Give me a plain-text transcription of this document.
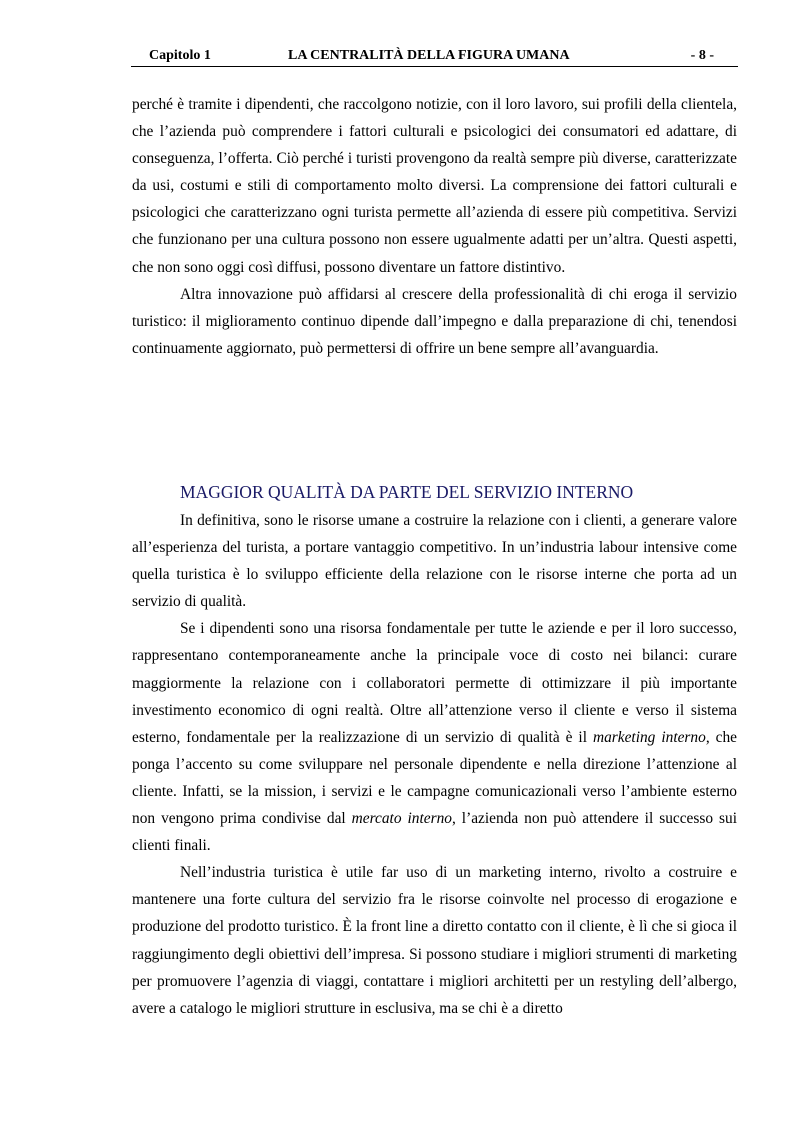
Capitolo 1	LA CENTRALITÀ DELLA FIGURA UMANA	- 8 -

perché è tramite i dipendenti, che raccolgono notizie, con il loro lavoro, sui profili della clientela, che l’azienda può comprendere i fattori culturali e psicologici dei consumatori ed adattare, di conseguenza, l’offerta. Ciò perché i turisti provengono da realtà sempre più diverse, caratterizzate da usi, costumi e stili di comportamento molto diversi. La comprensione dei fattori culturali e psicologici che caratterizzano ogni turista permette all’azienda di essere più competitiva. Servizi che funzionano per una cultura possono non essere ugualmente adatti per un’altra. Questi aspetti, che non sono oggi così diffusi, possono diventare un fattore distintivo.

Altra innovazione può affidarsi al crescere della professionalità di chi eroga il servizio turistico: il miglioramento continuo dipende dall’impegno e dalla preparazione di chi, tenendosi continuamente aggiornato, può permettersi di offrire un bene sempre all’avanguardia.

MAGGIOR QUALITÀ DA PARTE DEL SERVIZIO INTERNO

In definitiva, sono le risorse umane a costruire la relazione con i clienti, a generare valore all’esperienza del turista, a portare vantaggio competitivo. In un’industria labour intensive come quella turistica è lo sviluppo efficiente della relazione con le risorse interne che porta ad un servizio di qualità.

Se i dipendenti sono una risorsa fondamentale per tutte le aziende e per il loro successo, rappresentano contemporaneamente anche la principale voce di costo nei bilanci: curare maggiormente la relazione con i collaboratori permette di ottimizzare il più importante investimento economico di ogni realtà. Oltre all’attenzione verso il cliente e verso il sistema esterno, fondamentale per la realizzazione di un servizio di qualità è il marketing interno, che ponga l’accento su come sviluppare nel personale dipendente e nella direzione l’attenzione al cliente. Infatti, se la mission, i servizi e le campagne comunicazionali verso l’ambiente esterno non vengono prima condivise dal mercato interno, l’azienda non può attendere il successo sui clienti finali.

Nell’industria turistica è utile far uso di un marketing interno, rivolto a costruire e mantenere una forte cultura del servizio fra le risorse coinvolte nel processo di erogazione e produzione del prodotto turistico. È la front line a diretto contatto con il cliente, è lì che si gioca il raggiungimento degli obiettivi dell’impresa. Si possono studiare i migliori strumenti di marketing per promuovere l’agenzia di viaggi, contattare i migliori architetti per un restyling dell’albergo, avere a catalogo le migliori strutture in esclusiva, ma se chi è a diretto
